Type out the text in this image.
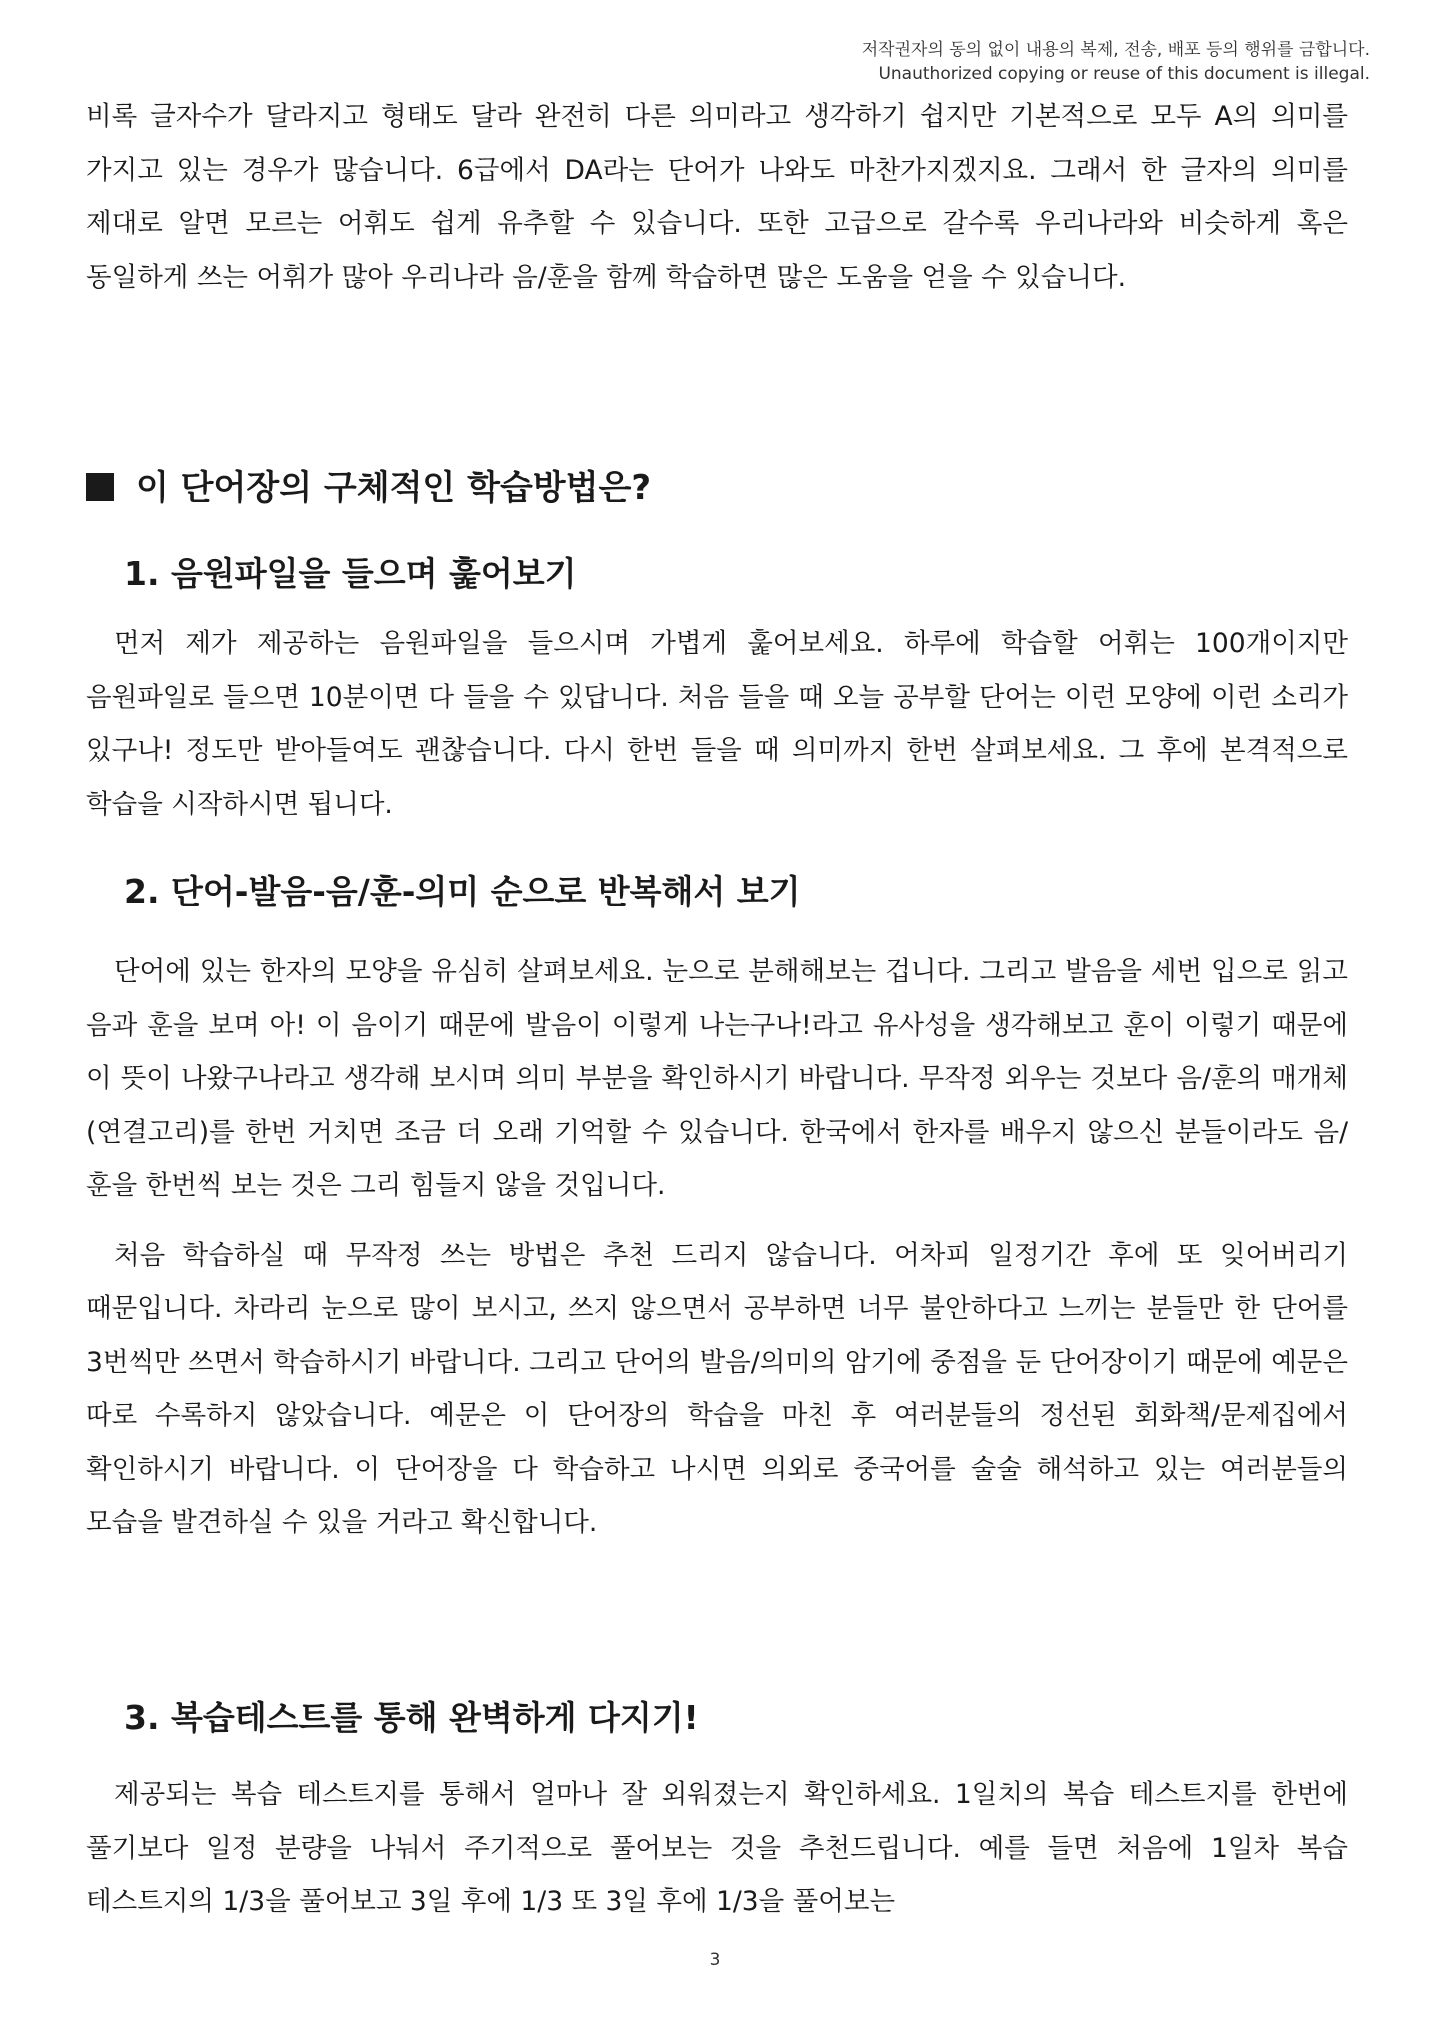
저작권자의 동의 없이 내용의 복제, 전송, 배포 등의 행위를 금합니다.
Unauthorized copying or reuse of this document is illegal.

비록 글자수가 달라지고 형태도 달라 완전히 다른 의미라고 생각하기 쉽지만 기본적으로 모두 A의 의미를 가지고 있는 경우가 많습니다. 6급에서 DA라는 단어가 나와도 마찬가지겠지요. 그래서 한 글자의 의미를 제대로 알면 모르는 어휘도 쉽게 유추할 수 있습니다. 또한 고급으로 갈수록 우리나라와 비슷하게 혹은 동일하게 쓰는 어휘가 많아 우리나라 음/훈을 함께 학습하면 많은 도움을 얻을 수 있습니다.

이 단어장의 구체적인 학습방법은?
1. 음원파일을 들으며 훑어보기

먼저 제가 제공하는 음원파일을 들으시며 가볍게 훑어보세요. 하루에 학습할 어휘는 100개이지만 음원파일로 들으면 10분이면 다 들을 수 있답니다. 처음 들을 때 오늘 공부할 단어는 이런 모양에 이런 소리가 있구나! 정도만 받아들여도 괜찮습니다. 다시 한번 들을 때 의미까지 한번 살펴보세요. 그 후에 본격적으로 학습을 시작하시면 됩니다.

2. 단어-발음-음/훈-의미 순으로 반복해서 보기

단어에 있는 한자의 모양을 유심히 살펴보세요. 눈으로 분해해보는 겁니다. 그리고 발음을 세번 입으로 읽고 음과 훈을 보며 아! 이 음이기 때문에 발음이 이렇게 나는구나!라고 유사성을 생각해보고 훈이 이렇기 때문에 이 뜻이 나왔구나라고 생각해 보시며 의미 부분을 확인하시기 바랍니다. 무작정 외우는 것보다 음/훈의 매개체(연결고리)를 한번 거치면 조금 더 오래 기억할 수 있습니다. 한국에서 한자를 배우지 않으신 분들이라도 음/훈을 한번씩 보는 것은 그리 힘들지 않을 것입니다.

처음 학습하실 때 무작정 쓰는 방법은 추천 드리지 않습니다. 어차피 일정기간 후에 또 잊어버리기 때문입니다. 차라리 눈으로 많이 보시고, 쓰지 않으면서 공부하면 너무 불안하다고 느끼는 분들만 한 단어를 3번씩만 쓰면서 학습하시기 바랍니다. 그리고 단어의 발음/의미의 암기에 중점을 둔 단어장이기 때문에 예문은 따로 수록하지 않았습니다. 예문은 이 단어장의 학습을 마친 후 여러분들의 정선된 회화책/문제집에서 확인하시기 바랍니다. 이 단어장을 다 학습하고 나시면 의외로 중국어를 술술 해석하고 있는 여러분들의 모습을 발견하실 수 있을 거라고 확신합니다.

3. 복습테스트를 통해 완벽하게 다지기!

제공되는 복습 테스트지를 통해서 얼마나 잘 외워졌는지 확인하세요. 1일치의 복습 테스트지를 한번에 풀기보다 일정 분량을 나눠서 주기적으로 풀어보는 것을 추천드립니다. 예를 들면 처음에 1일차 복습 테스트지의 1/3을 풀어보고 3일 후에 1/3 또 3일 후에 1/3을 풀어보는

3
